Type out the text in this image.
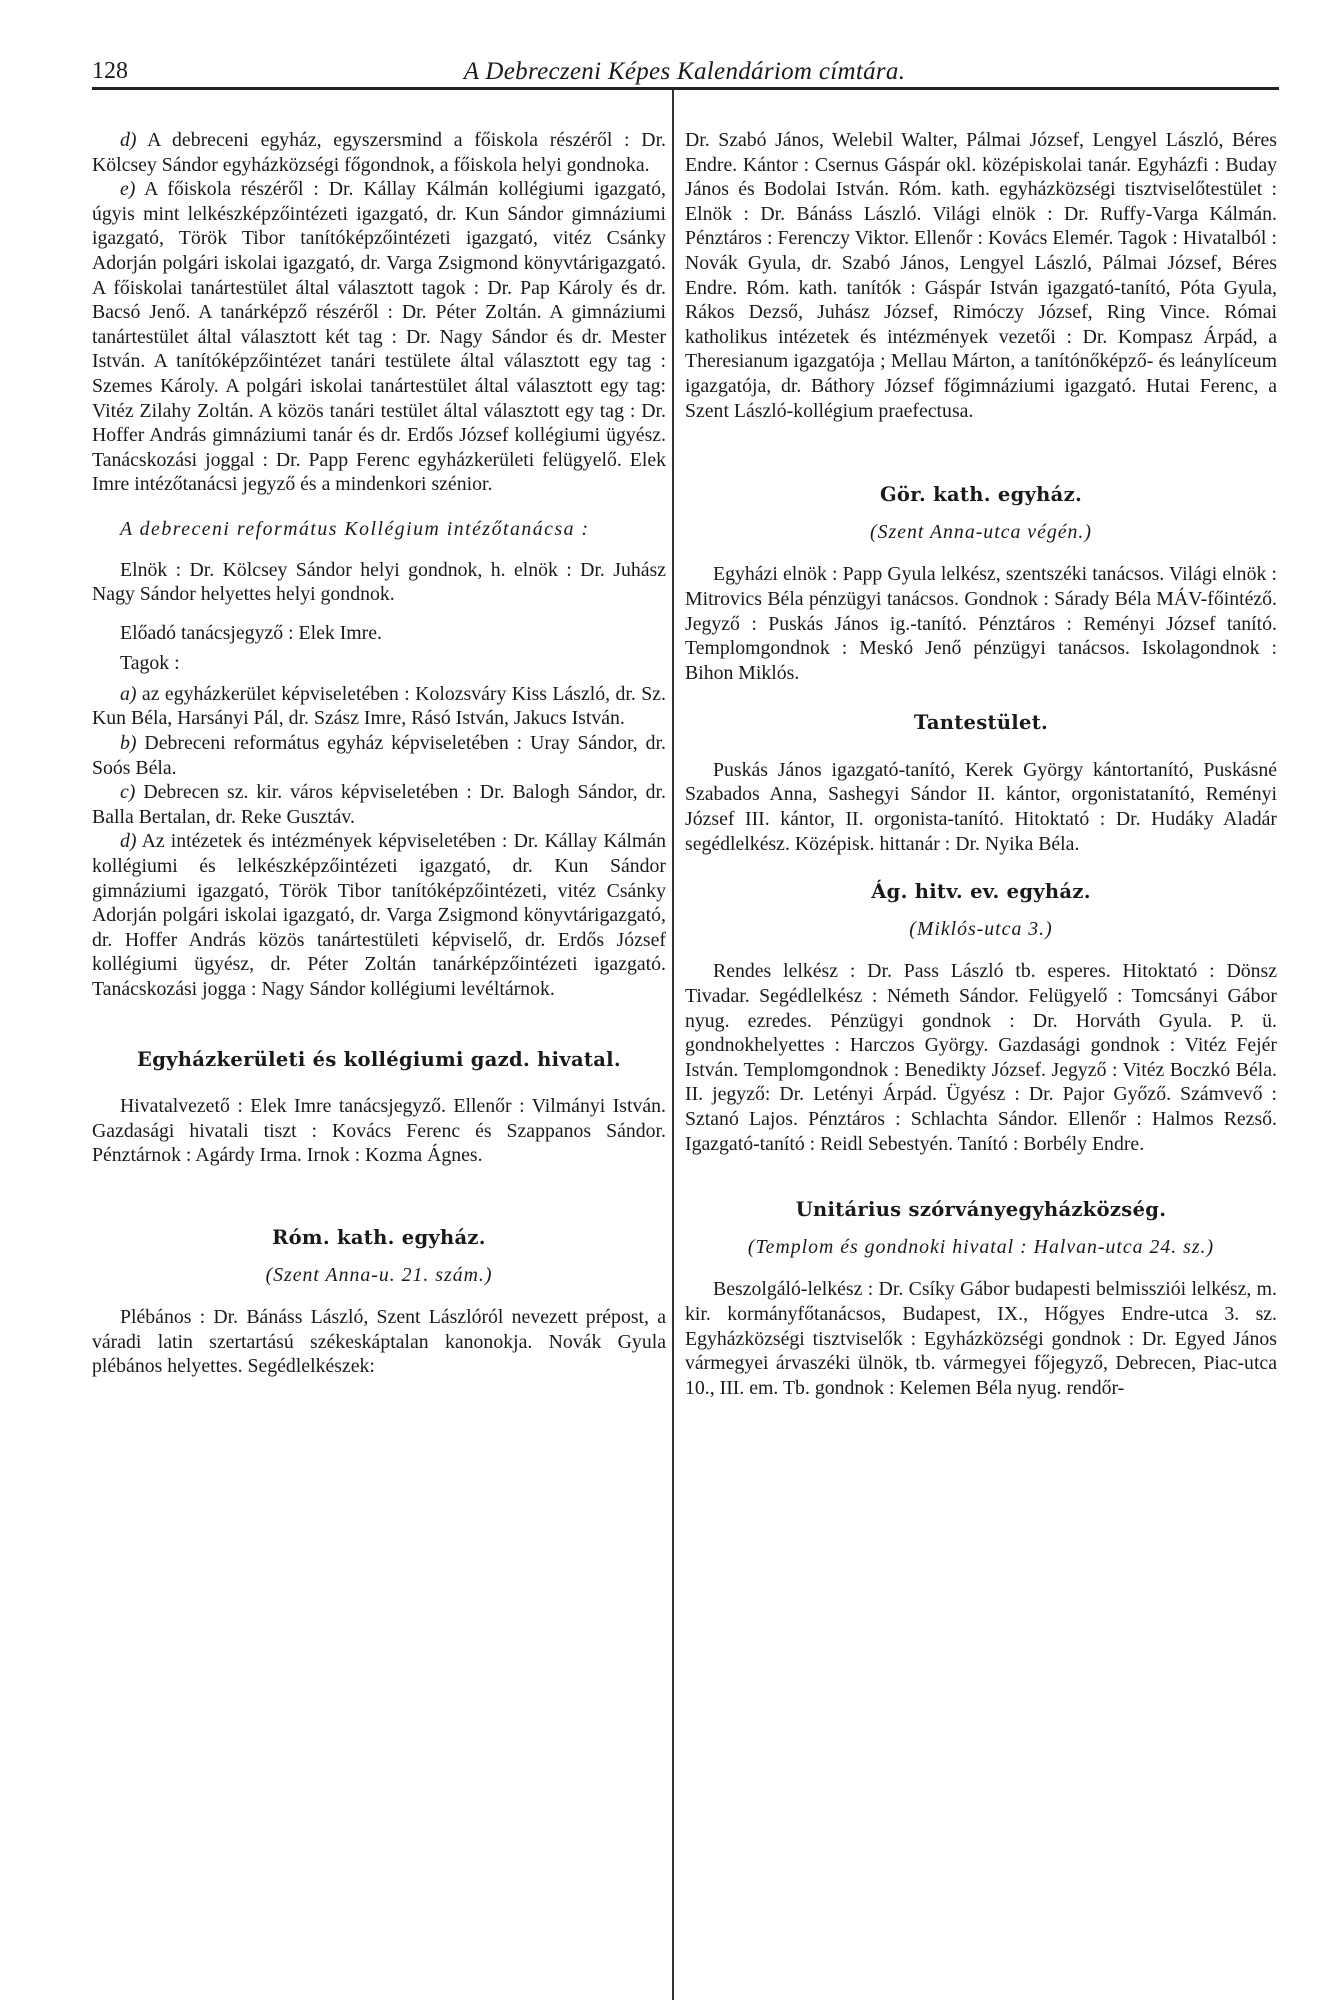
128	A Debreczeni Képes Kalendáriom címtára.

d) A debreceni egyház, egyszersmind a főiskola részéről : Dr. Kölcsey Sándor egyházközségi főgondnok, a főiskola helyi gondnoka.

e) A főiskola részéről : Dr. Kállay Kálmán kollégiumi igazgató, úgyis mint lelkészképzőintézeti igazgató, dr. Kun Sándor gimnáziumi igazgató, Török Tibor tanítóképzőintézeti igazgató, vitéz Csánky Adorján polgári iskolai igazgató, dr. Varga Zsigmond könyvtárigazgató. A főiskolai tanártestület által választott tagok : Dr. Pap Károly és dr. Bacsó Jenő. A tanárképző részéről : Dr. Péter Zoltán. A gimnáziumi tanártestület által választott két tag : Dr. Nagy Sándor és dr. Mester István. A tanítóképzőintézet tanári testülete által választott egy tag : Szemes Károly. A polgári iskolai tanártestület által választott egy tag: Vitéz Zilahy Zoltán. A közös tanári testület által választott egy tag : Dr. Hoffer András gimnáziumi tanár és dr. Erdős József kollégiumi ügyész. Tanácskozási joggal : Dr. Papp Ferenc egyházkerületi felügyelő. Elek Imre intézőtanácsi jegyző és a mindenkori szénior.

A debreceni református Kollégium intézőtanácsa :

Elnök : Dr. Kölcsey Sándor helyi gondnok, h. elnök : Dr. Juhász Nagy Sándor helyettes helyi gondnok.

Előadó tanácsjegyző : Elek Imre.

Tagok :

a) az egyházkerület képviseletében : Kolozsváry Kiss László, dr. Sz. Kun Béla, Harsányi Pál, dr. Szász Imre, Rásó István, Jakucs István.

b) Debreceni református egyház képviseletében : Uray Sándor, dr. Soós Béla.

c) Debrecen sz. kir. város képviseletében : Dr. Balogh Sándor, dr. Balla Bertalan, dr. Reke Gusztáv.

d) Az intézetek és intézmények képviseletében : Dr. Kállay Kálmán kollégiumi és lelkészképzőintézeti igazgató, dr. Kun Sándor gimnáziumi igazgató, Török Tibor tanítóképzőintézeti, vitéz Csánky Adorján polgári iskolai igazgató, dr. Varga Zsigmond könyvtárigazgató, dr. Hoffer András közös tanártestületi képviselő, dr. Erdős József kollégiumi ügyész, dr. Péter Zoltán tanárképzőintézeti igazgató. Tanácskozási jogga : Nagy Sándor kollégiumi levéltárnok.

Egyházkerületi és kollégiumi gazd. hivatal.

Hivatalvezető : Elek Imre tanácsjegyző. Ellenőr : Vilmányi István. Gazdasági hivatali tiszt : Kovács Ferenc és Szappanos Sándor. Pénztárnok : Agárdy Irma. Irnok : Kozma Ágnes.

Róm. kath. egyház.

(Szent Anna-u. 21. szám.)

Plébános : Dr. Bánáss László, Szent Lászlóról nevezett prépost, a váradi latin szertartású székeskáptalan kanonokja. Novák Gyula plébános helyettes. Segédlelkészek:

Dr. Szabó János, Welebil Walter, Pálmai József, Lengyel László, Béres Endre. Kántor : Csernus Gáspár okl. középiskolai tanár. Egyházfi : Buday János és Bodolai István. Róm. kath. egyházközségi tisztviselőtestület : Elnök : Dr. Bánáss László. Világi elnök : Dr. Ruffy-Varga Kálmán. Pénztáros : Ferenczy Viktor. Ellenőr : Kovács Elemér. Tagok : Hivatalból : Novák Gyula, dr. Szabó János, Lengyel László, Pálmai József, Béres Endre. Róm. kath. tanítók : Gáspár István igazgató-tanító, Póta Gyula, Rákos Dezső, Juhász József, Rimóczy József, Ring Vince. Római katholikus intézetek és intézmények vezetői : Dr. Kompasz Árpád, a Theresianum igazgatója ; Mellau Márton, a tanítónőképző- és leánylíceum igazgatója, dr. Báthory József főgimnáziumi igazgató. Hutai Ferenc, a Szent László-kollégium praefectusa.

Gör. kath. egyház.

(Szent Anna-utca végén.)

Egyházi elnök : Papp Gyula lelkész, szentszéki tanácsos. Világi elnök : Mitrovics Béla pénzügyi tanácsos. Gondnok : Sárady Béla MÁV-főintéző. Jegyző : Puskás János ig.-tanító. Pénztáros : Reményi József tanító. Templomgondnok : Meskó Jenő pénzügyi tanácsos. Iskolagondnok : Bihon Miklós.

Tantestület.

Puskás János igazgató-tanító, Kerek György kántortanító, Puskásné Szabados Anna, Sashegyi Sándor II. kántor, orgonistatanító, Reményi József III. kántor, II. orgonista-tanító. Hitoktató : Dr. Hudáky Aladár segédlelkész. Középisk. hittanár : Dr. Nyika Béla.

Ág. hitv. ev. egyház.

(Miklós-utca 3.)

Rendes lelkész : Dr. Pass László tb. esperes. Hitoktató : Dönsz Tivadar. Segédlelkész : Németh Sándor. Felügyelő : Tomcsányi Gábor nyug. ezredes. Pénzügyi gondnok : Dr. Horváth Gyula. P. ü. gondnokhelyettes : Harczos György. Gazdasági gondnok : Vitéz Fejér István. Templomgondnok : Benedikty József. Jegyző : Vitéz Boczkó Béla. II. jegyző: Dr. Letényi Árpád. Ügyész : Dr. Pajor Győző. Számvevő : Sztanó Lajos. Pénztáros : Schlachta Sándor. Ellenőr : Halmos Rezső. Igazgató-tanító : Reidl Sebestyén. Tanító : Borbély Endre.

Unitárius szórványegyházközség.

(Templom és gondnoki hivatal : Halvan-utca 24. sz.)

Beszolgáló-lelkész : Dr. Csíky Gábor budapesti belmissziói lelkész, m. kir. kormányfőtanácsos, Budapest, IX., Hőgyes Endre-utca 3. sz. Egyházközségi tisztviselők : Egyházközségi gondnok : Dr. Egyed János vármegyei árvaszéki ülnök, tb. vármegyei főjegyző, Debrecen, Piac-utca 10., III. em. Tb. gondnok : Kelemen Béla nyug. rendőr-
